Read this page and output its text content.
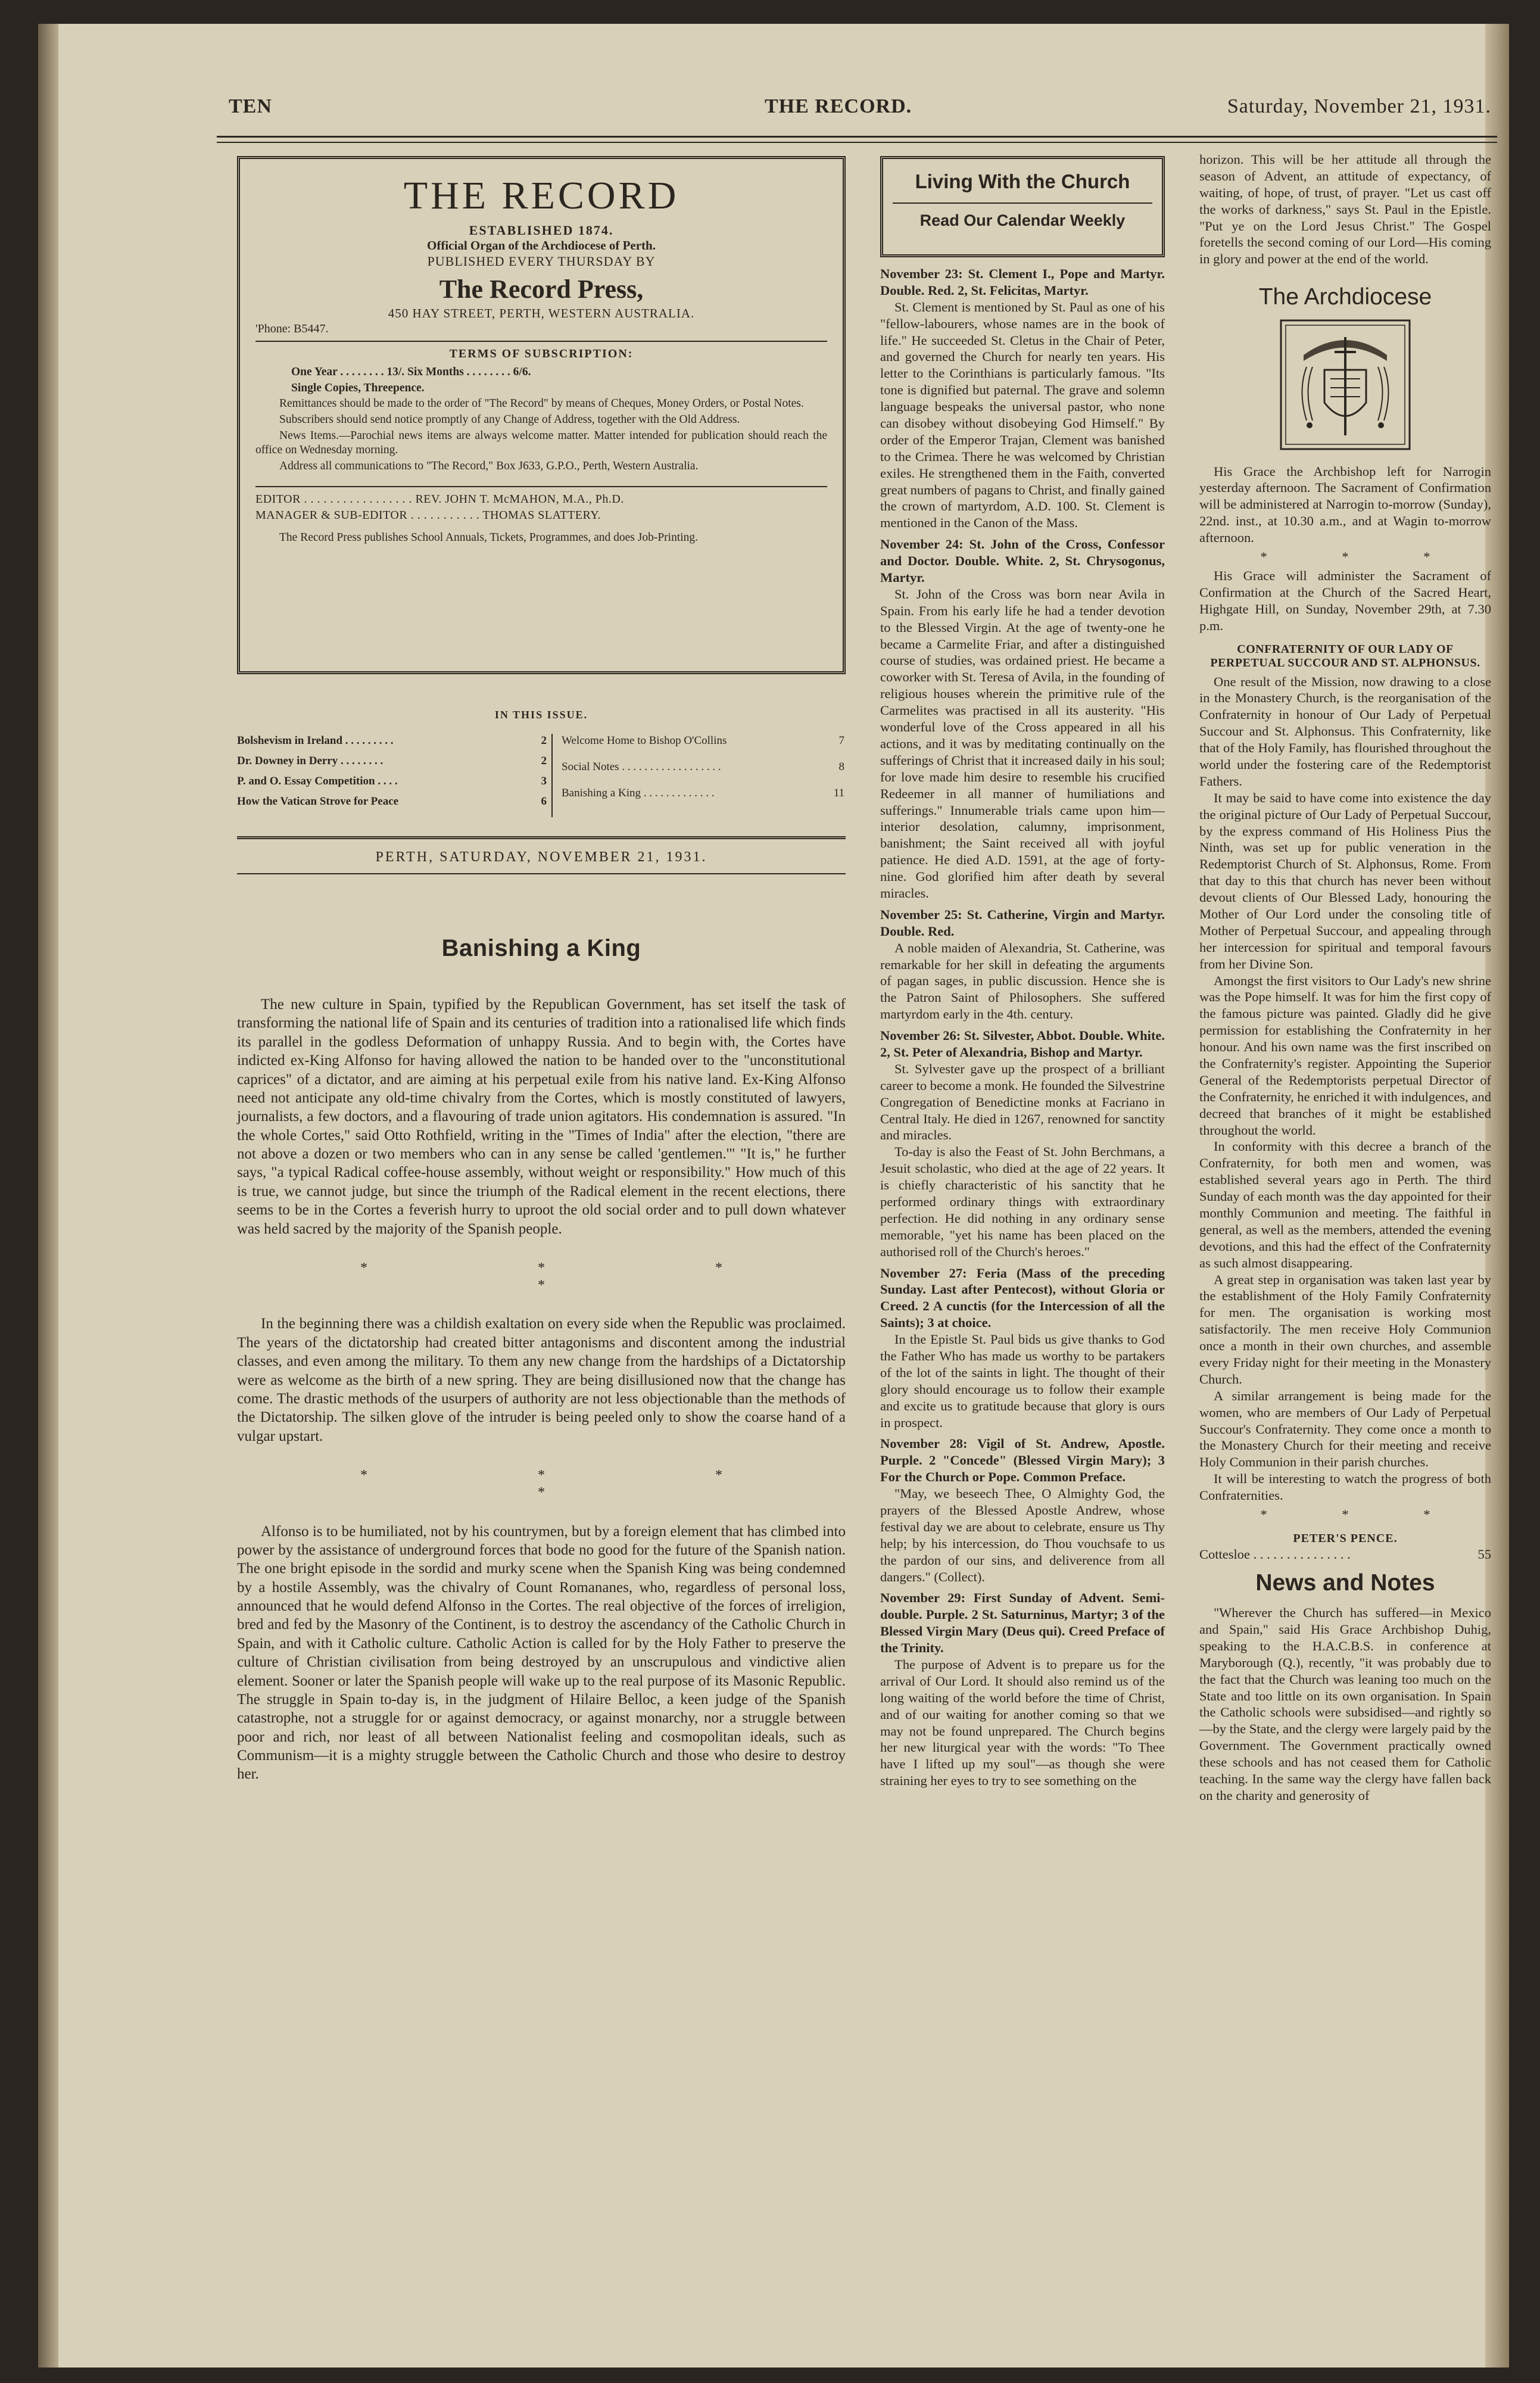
TEN	THE RECORD.	Saturday, November 21, 1931.
THE RECORD
ESTABLISHED 1874.
Official Organ of the Archdiocese of Perth.
PUBLISHED EVERY THURSDAY BY
The Record Press,
450 HAY STREET, PERTH, WESTERN AUSTRALIA.
'Phone: B5447.
TERMS OF SUBSCRIPTION:
One Year . . . . . . . . 13/. Six Months . . . . . . . . 6/6.
Single Copies, Threepence.
Remittances should be made to the order of "The Record" by means of Cheques, Money Orders, or Postal Notes.
Subscribers should send notice promptly of any Change of Address, together with the Old Address.
News Items.—Parochial news items are always welcome matter. Matter intended for publication should reach the office on Wednesday morning.
Address all communications to "The Record," Box J633, G.P.O., Perth, Western Australia.
EDITOR . . . . . . . . . . . . . . . . . REV. JOHN T. McMAHON, M.A., Ph.D.
MANAGER & SUB-EDITOR . . . . . . . . . . . THOMAS SLATTERY.
The Record Press publishes School Annuals, Tickets, Programmes, and does Job-Printing.
IN THIS ISSUE.
Bolshevism in Ireland . . . . . . . . .	2
Dr. Downey in Derry . . . . . . . .	2
P. and O. Essay Competition . . . .	3
How the Vatican Strove for Peace	6
Welcome Home to Bishop O'Collins	7
Social Notes . . . . . . . . . . . . . . . . . .	8
Banishing a King . . . . . . . . . . . . .	11
PERTH, SATURDAY, NOVEMBER 21, 1931.
Banishing a King

The new culture in Spain, typified by the Republican Government, has set itself the task of transforming the national life of Spain and its centuries of tradition into a rationalised life which finds its parallel in the godless Deformation of unhappy Russia. And to begin with, the Cortes have indicted ex-King Alfonso for having allowed the nation to be handed over to the "unconstitutional caprices" of a dictator, and are aiming at his perpetual exile from his native land. Ex-King Alfonso need not anticipate any old-time chivalry from the Cortes, which is mostly constituted of lawyers, journalists, a few doctors, and a flavouring of trade union agitators. His condemnation is assured. "In the whole Cortes," said Otto Rothfield, writing in the "Times of India" after the election, "there are not above a dozen or two members who can in any sense be called 'gentlemen.'" "It is," he further says, "a typical Radical coffee-house assembly, without weight or responsibility." How much of this is true, we cannot judge, but since the triumph of the Radical element in the recent elections, there seems to be in the Cortes a feverish hurry to uproot the old social order and to pull down whatever was held sacred by the majority of the Spanish people.

* * * *

In the beginning there was a childish exaltation on every side when the Republic was proclaimed. The years of the dictatorship had created bitter antagonisms and discontent among the industrial classes, and even among the military. To them any new change from the hardships of a Dictatorship were as welcome as the birth of a new spring. They are being disillusioned now that the change has come. The drastic methods of the usurpers of authority are not less objectionable than the methods of the Dictatorship. The silken glove of the intruder is being peeled only to show the coarse hand of a vulgar upstart.

* * * *

Alfonso is to be humiliated, not by his countrymen, but by a foreign element that has climbed into power by the assistance of underground forces that bode no good for the future of the Spanish nation. The one bright episode in the sordid and murky scene when the Spanish King was being condemned by a hostile Assembly, was the chivalry of Count Romananes, who, regardless of personal loss, announced that he would defend Alfonso in the Cortes. The real objective of the forces of irreligion, bred and fed by the Masonry of the Continent, is to destroy the ascendancy of the Catholic Church in Spain, and with it Catholic culture. Catholic Action is called for by the Holy Father to preserve the culture of Christian civilisation from being destroyed by an unscrupulous and vindictive alien element. Sooner or later the Spanish people will wake up to the real purpose of its Masonic Republic. The struggle in Spain to-day is, in the judgment of Hilaire Belloc, a keen judge of the Spanish catastrophe, not a struggle for or against democracy, or against monarchy, nor a struggle between poor and rich, nor least of all between Nationalist feeling and cosmopolitan ideals, such as Communism—it is a mighty struggle between the Catholic Church and those who desire to destroy her.

Living With the Church
Read Our Calendar Weekly
November 23: St. Clement I., Pope and Martyr. Double. Red. 2, St. Felicitas, Martyr.

St. Clement is mentioned by St. Paul as one of his "fellow-labourers, whose names are in the book of life." He succeeded St. Cletus in the Chair of Peter, and governed the Church for nearly ten years. His letter to the Corinthians is particularly famous. "Its tone is dignified but paternal. The grave and solemn language bespeaks the universal pastor, who none can disobey without disobeying God Himself." By order of the Emperor Trajan, Clement was banished to the Crimea. There he was welcomed by Christian exiles. He strengthened them in the Faith, converted great numbers of pagans to Christ, and finally gained the crown of martyrdom, A.D. 100. St. Clement is mentioned in the Canon of the Mass.

November 24: St. John of the Cross, Confessor and Doctor. Double. White. 2, St. Chrysogonus, Martyr.

St. John of the Cross was born near Avila in Spain. From his early life he had a tender devotion to the Blessed Virgin. At the age of twenty-one he became a Carmelite Friar, and after a distinguished course of studies, was ordained priest. He became a coworker with St. Teresa of Avila, in the founding of religious houses wherein the primitive rule of the Carmelites was practised in all its austerity. "His wonderful love of the Cross appeared in all his actions, and it was by meditating continually on the sufferings of Christ that it increased daily in his soul; for love made him desire to resemble his crucified Redeemer in all manner of humiliations and sufferings." Innumerable trials came upon him—interior desolation, calumny, imprisonment, banishment; the Saint received all with joyful patience. He died A.D. 1591, at the age of forty-nine. God glorified him after death by several miracles.

November 25: St. Catherine, Virgin and Martyr. Double. Red.

A noble maiden of Alexandria, St. Catherine, was remarkable for her skill in defeating the arguments of pagan sages, in public discussion. Hence she is the Patron Saint of Philosophers. She suffered martyrdom early in the 4th. century.

November 26: St. Silvester, Abbot. Double. White. 2, St. Peter of Alexandria, Bishop and Martyr.

St. Sylvester gave up the prospect of a brilliant career to become a monk. He founded the Silvestrine Congregation of Benedictine monks at Facriano in Central Italy. He died in 1267, renowned for sanctity and miracles.

To-day is also the Feast of St. John Berchmans, a Jesuit scholastic, who died at the age of 22 years. It is chiefly characteristic of his sanctity that he performed ordinary things with extraordinary perfection. He did nothing in any ordinary sense memorable, "yet his name has been placed on the authorised roll of the Church's heroes."

November 27: Feria (Mass of the preceding Sunday. Last after Pentecost), without Gloria or Creed. 2 A cunctis (for the Intercession of all the Saints); 3 at choice.

In the Epistle St. Paul bids us give thanks to God the Father Who has made us worthy to be partakers of the lot of the saints in light. The thought of their glory should encourage us to follow their example and excite us to gratitude because that glory is ours in prospect.

November 28: Vigil of St. Andrew, Apostle. Purple. 2 "Concede" (Blessed Virgin Mary); 3 For the Church or Pope. Common Preface.

"May, we beseech Thee, O Almighty God, the prayers of the Blessed Apostle Andrew, whose festival day we are about to celebrate, ensure us Thy help; by his intercession, do Thou vouchsafe to us the pardon of our sins, and deliverence from all dangers." (Collect).

November 29: First Sunday of Advent. Semi-double. Purple. 2 St. Saturninus, Martyr; 3 of the Blessed Virgin Mary (Deus qui). Creed Preface of the Trinity.

The purpose of Advent is to prepare us for the arrival of Our Lord. It should also remind us of the long waiting of the world before the time of Christ, and of our waiting for another coming so that we may not be found unprepared. The Church begins her new liturgical year with the words: "To Thee have I lifted up my soul"—as though she were straining her eyes to try to see something on the

horizon. This will be her attitude all through the season of Advent, an attitude of expectancy, of waiting, of hope, of trust, of prayer. "Let us cast off the works of darkness," says St. Paul in the Epistle. "Put ye on the Lord Jesus Christ." The Gospel foretells the second coming of our Lord—His coming in glory and power at the end of the world.

The Archdiocese

His Grace the Archbishop left for Narrogin yesterday afternoon. The Sacrament of Confirmation will be administered at Narrogin to-morrow (Sunday), 22nd. inst., at 10.30 a.m., and at Wagin to-morrow afternoon.

* * *

His Grace will administer the Sacrament of Confirmation at the Church of the Sacred Heart, Highgate Hill, on Sunday, November 29th, at 7.30 p.m.

CONFRATERNITY OF OUR LADY OF PERPETUAL SUCCOUR AND ST. ALPHONSUS.

One result of the Mission, now drawing to a close in the Monastery Church, is the reorganisation of the Confraternity in honour of Our Lady of Perpetual Succour and St. Alphonsus. This Confraternity, like that of the Holy Family, has flourished throughout the world under the fostering care of the Redemptorist Fathers.

It may be said to have come into existence the day the original picture of Our Lady of Perpetual Succour, by the express command of His Holiness Pius the Ninth, was set up for public veneration in the Redemptorist Church of St. Alphonsus, Rome. From that day to this that church has never been without devout clients of Our Blessed Lady, honouring the Mother of Our Lord under the consoling title of Mother of Perpetual Succour, and appealing through her intercession for spiritual and temporal favours from her Divine Son.

Amongst the first visitors to Our Lady's new shrine was the Pope himself. It was for him the first copy of the famous picture was painted. Gladly did he give permission for establishing the Confraternity in her honour. And his own name was the first inscribed on the Confraternity's register. Appointing the Superior General of the Redemptorists perpetual Director of the Confraternity, he enriched it with indulgences, and decreed that branches of it might be established throughout the world.

In conformity with this decree a branch of the Confraternity, for both men and women, was established several years ago in Perth. The third Sunday of each month was the day appointed for their monthly Communion and meeting. The faithful in general, as well as the members, attended the evening devotions, and this had the effect of the Confraternity as such almost disappearing.

A great step in organisation was taken last year by the establishment of the Holy Family Confraternity for men. The organisation is working most satisfactorily. The men receive Holy Communion once a month in their own churches, and assemble every Friday night for their meeting in the Monastery Church.

A similar arrangement is being made for the women, who are members of Our Lady of Perpetual Succour's Confraternity. They come once a month to the Monastery Church for their meeting and receive Holy Communion in their parish churches.

It will be interesting to watch the progress of both Confraternities.

* * *
PETER'S PENCE.
Cottesloe . . . . . . . . . . . . . . .	55
News and Notes

"Wherever the Church has suffered—in Mexico and Spain," said His Grace Archbishop Duhig, speaking to the H.A.C.B.S. in conference at Maryborough (Q.), recently, "it was probably due to the fact that the Church was leaning too much on the State and too little on its own organisation. In Spain the Catholic schools were subsidised—and rightly so—by the State, and the clergy were largely paid by the Government. The Government practically owned these schools and has not ceased them for Catholic teaching. In the same way the clergy have fallen back on the charity and generosity of
